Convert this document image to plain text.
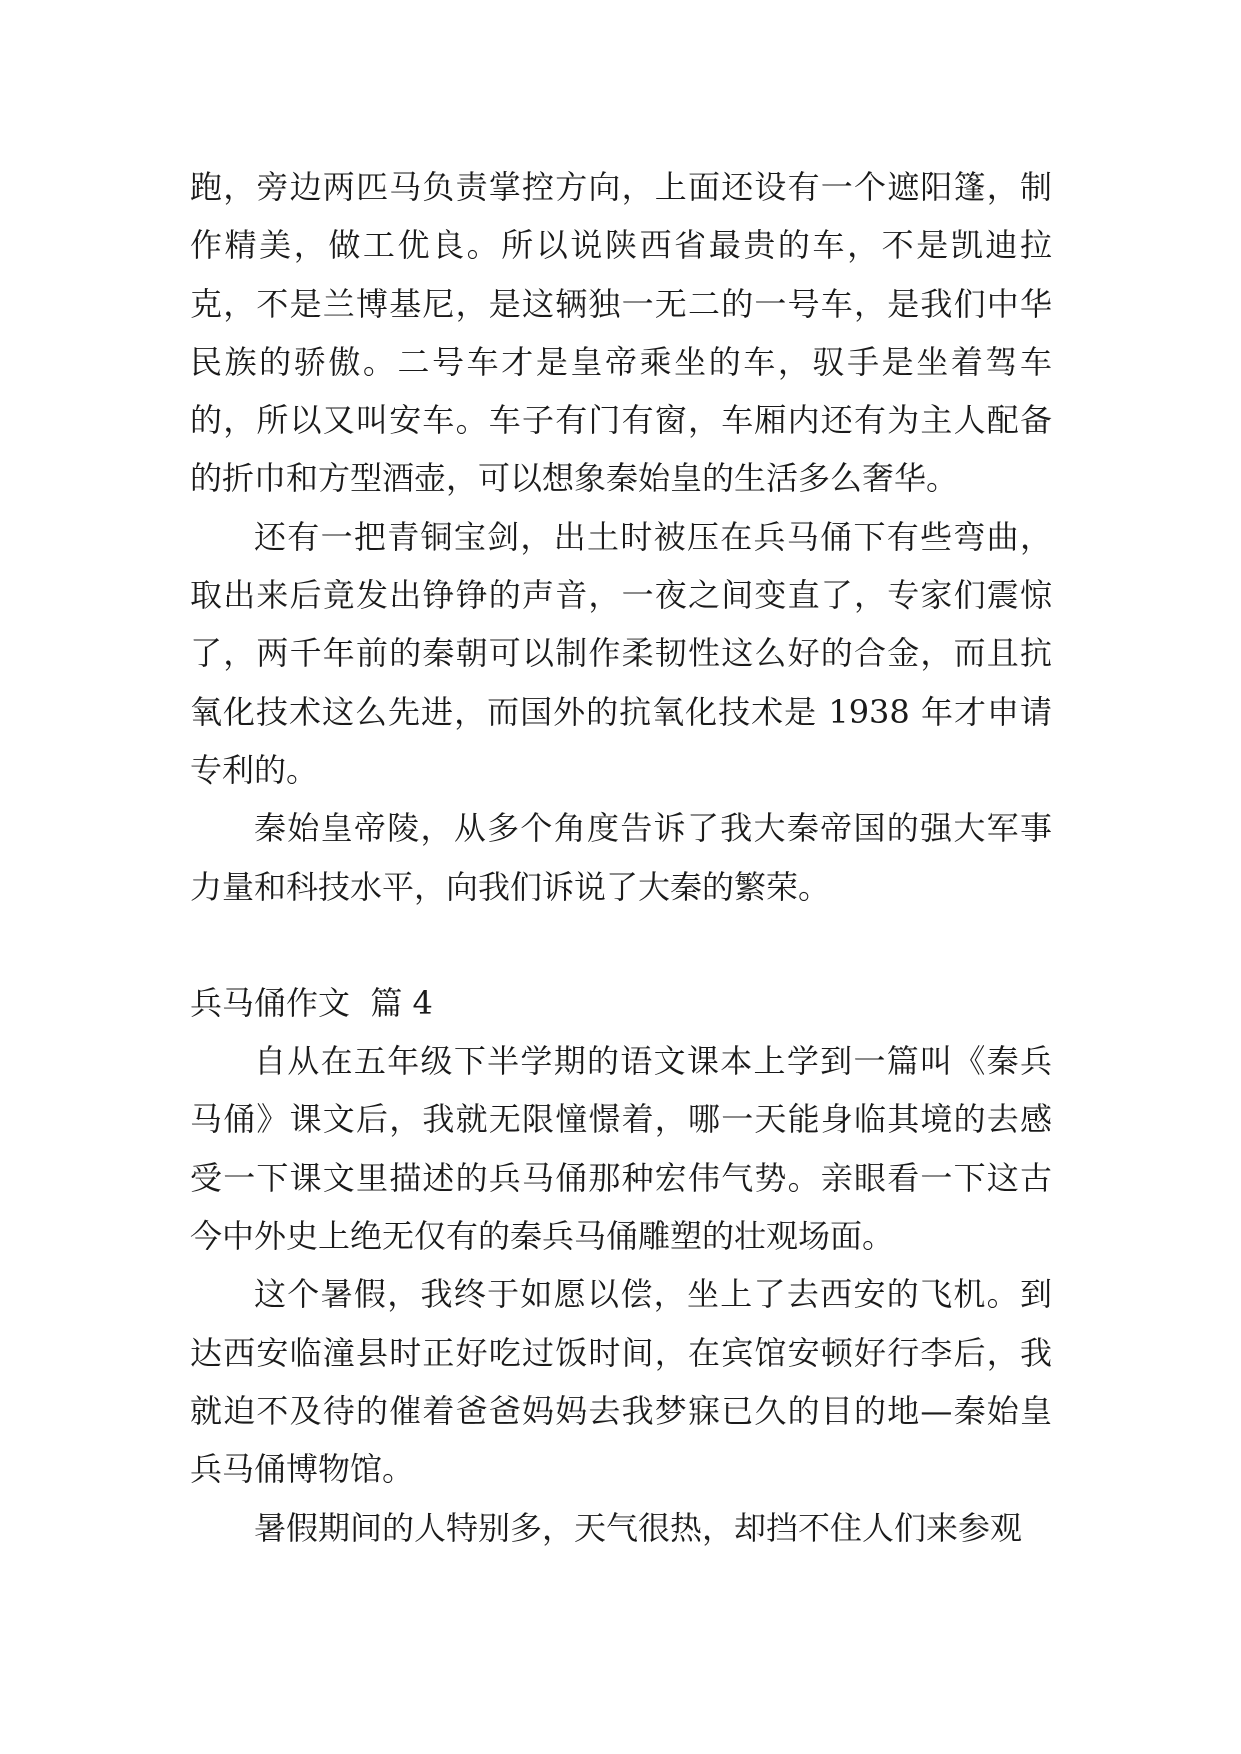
跑，旁边两匹马负责掌控方向，上面还设有一个遮阳篷，制作精美，做工优良。所以说陕西省最贵的车，不是凯迪拉克，不是兰博基尼，是这辆独一无二的一号车，是我们中华民族的骄傲。二号车才是皇帝乘坐的车，驭手是坐着驾车的，所以又叫安车。车子有门有窗，车厢内还有为主人配备的折巾和方型酒壶，可以想象秦始皇的生活多么奢华。

还有一把青铜宝剑，出土时被压在兵马俑下有些弯曲，取出来后竟发出铮铮的声音，一夜之间变直了，专家们震惊了，两千年前的秦朝可以制作柔韧性这么好的合金，而且抗氧化技术这么先进，而国外的抗氧化技术是 1938 年才申请专利的。

秦始皇帝陵，从多个角度告诉了我大秦帝国的强大军事力量和科技水平，向我们诉说了大秦的繁荣。

兵马俑作文  篇 4

自从在五年级下半学期的语文课本上学到一篇叫《秦兵马俑》课文后，我就无限憧憬着，哪一天能身临其境的去感受一下课文里描述的兵马俑那种宏伟气势。亲眼看一下这古今中外史上绝无仅有的秦兵马俑雕塑的壮观场面。

这个暑假，我终于如愿以偿，坐上了去西安的飞机。到达西安临潼县时正好吃过饭时间，在宾馆安顿好行李后，我就迫不及待的催着爸爸妈妈去我梦寐已久的目的地—秦始皇兵马俑博物馆。

暑假期间的人特别多，天气很热，却挡不住人们来参观
